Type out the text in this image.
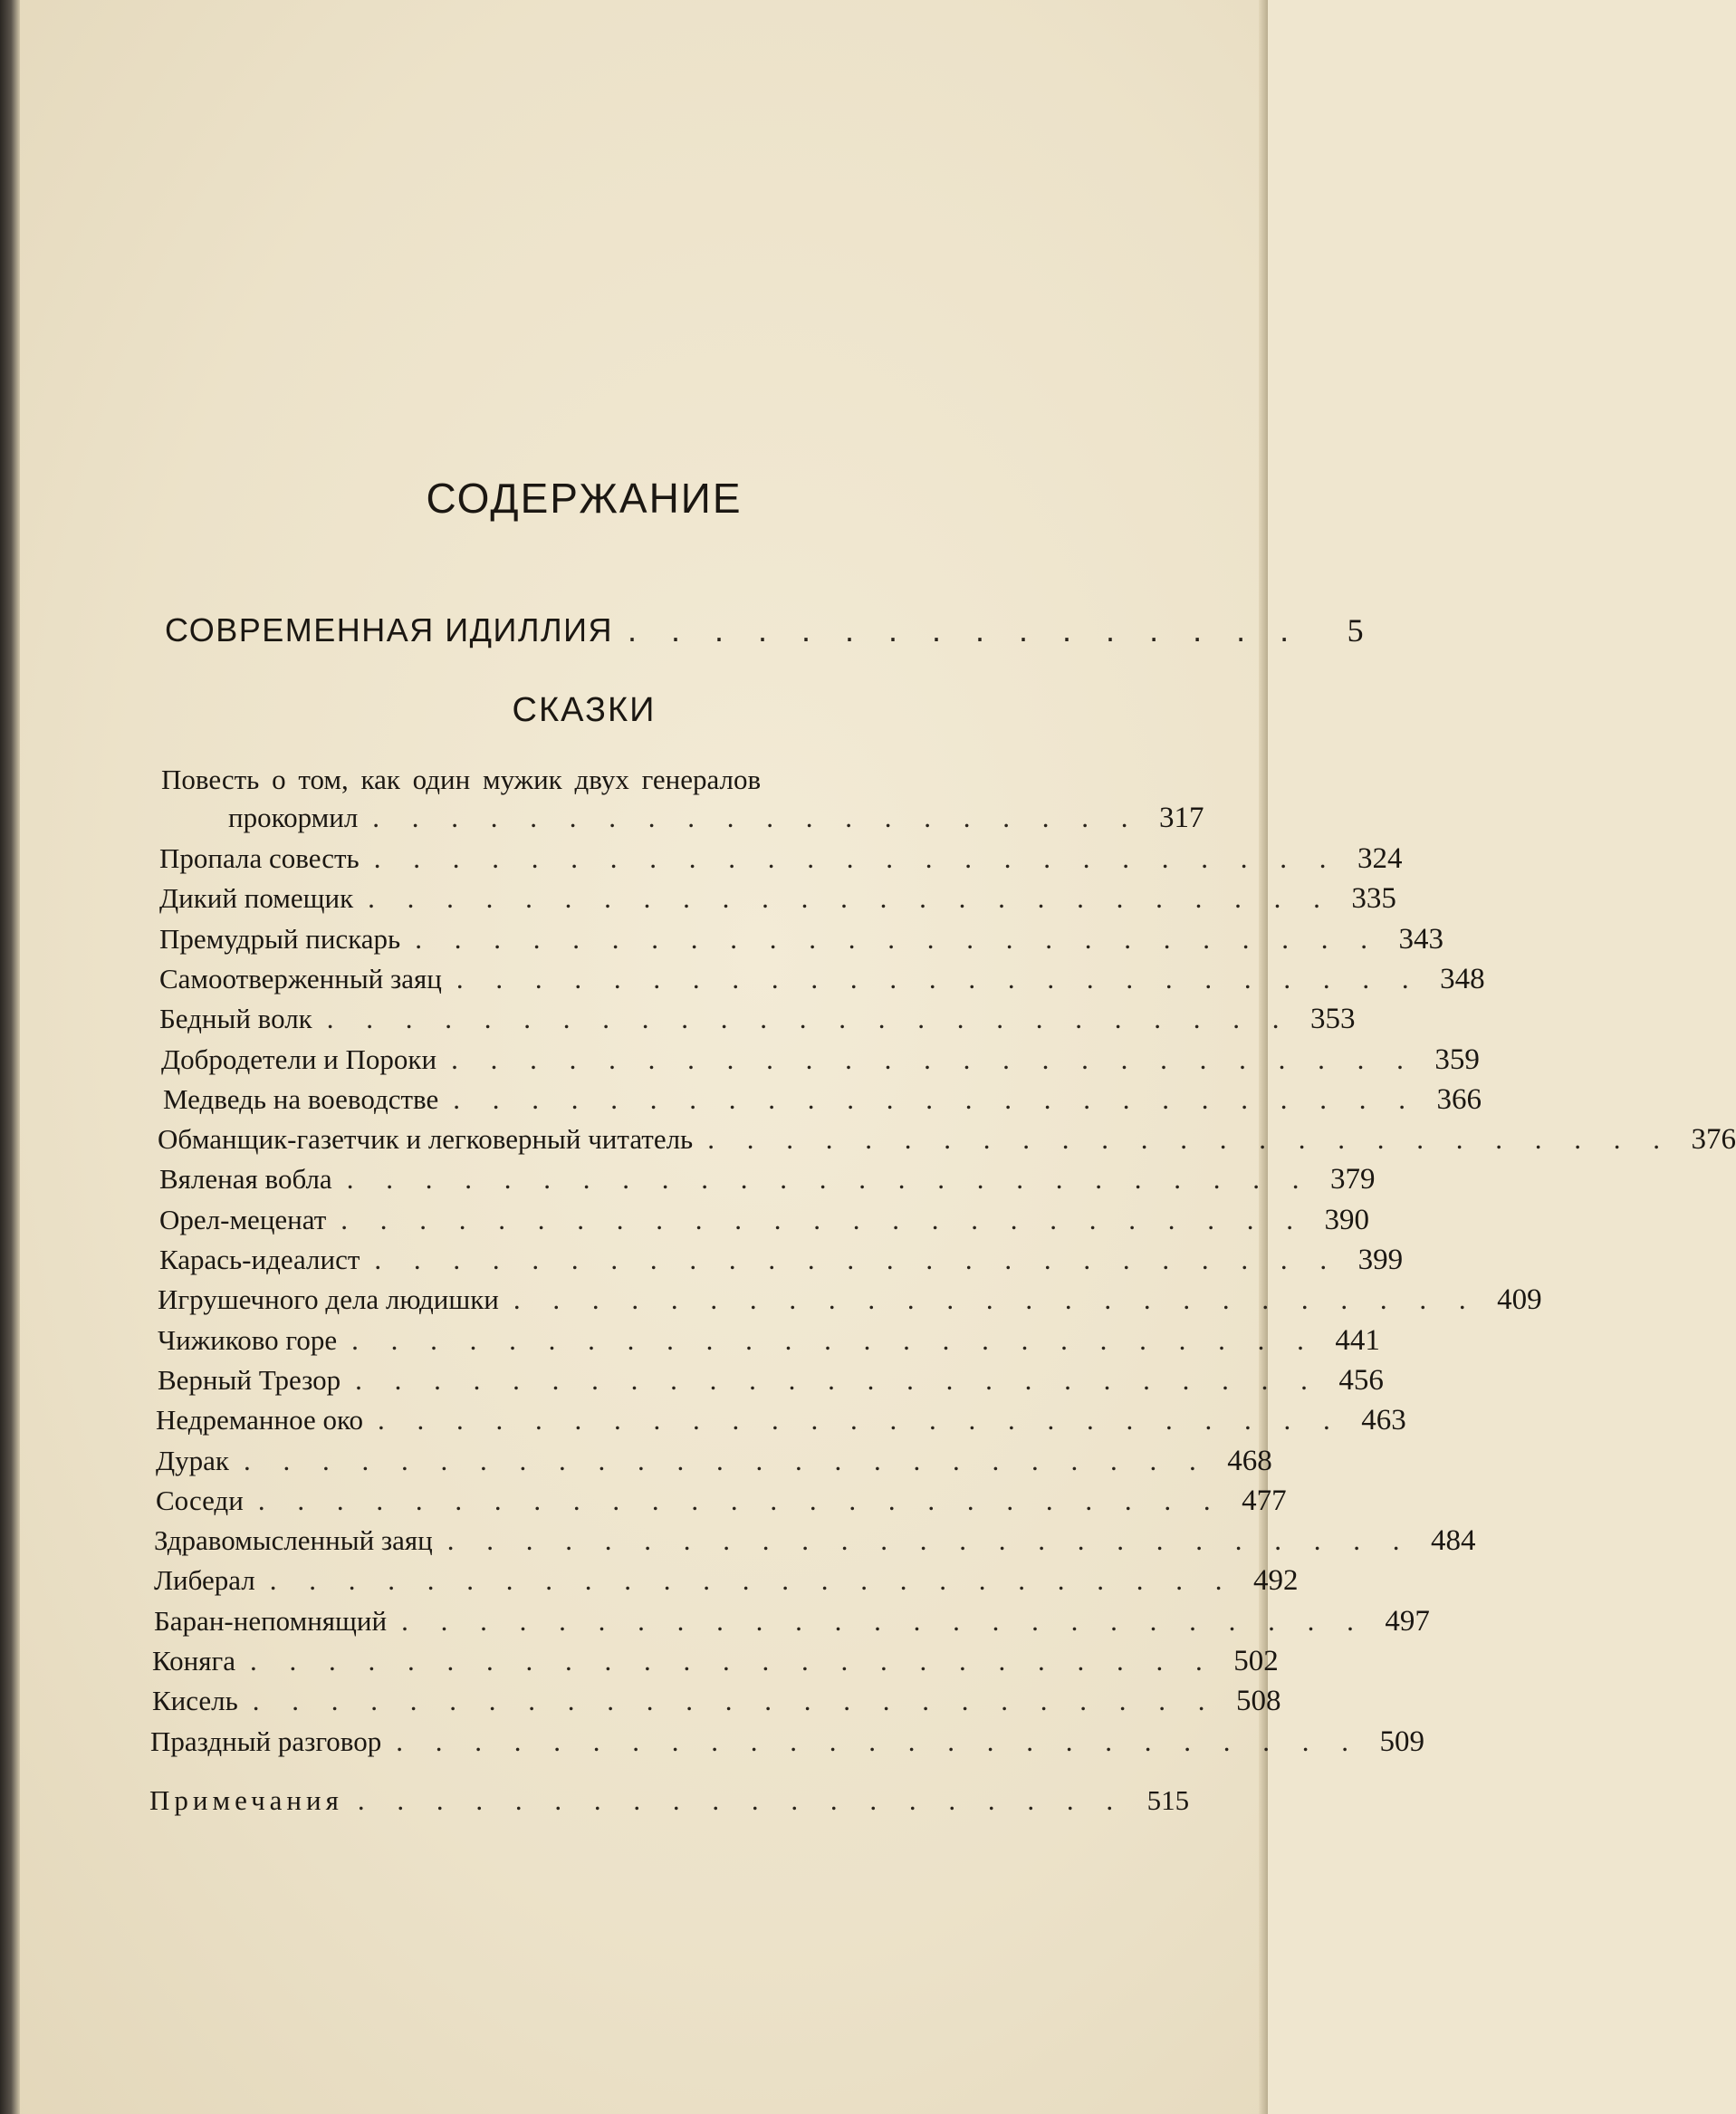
СОДЕРЖАНИЕ
СОВРЕМЕННАЯ ИДИЛЛИЯ . . . . . . . . . . . . . . . .	5
СКАЗКИ
Повесть о том, как один мужик двух генералов
прокормил . . . . . . . . . . . . . . . . . . . . 317
Пропала совесть . . . . . . . . . . . . . . . . . . . . . . . . . 324
Дикий помещик . . . . . . . . . . . . . . . . . . . . . . . . . 335
Премудрый пискарь . . . . . . . . . . . . . . . . . . . . . . . . . 343
Самоотверженный заяц . . . . . . . . . . . . . . . . . . . . . . . . . 348
Бедный волк . . . . . . . . . . . . . . . . . . . . . . . . . 353
Добродетели и Пороки . . . . . . . . . . . . . . . . . . . . . . . . . 359
Медведь на воеводстве . . . . . . . . . . . . . . . . . . . . . . . . . 366
Обманщик-газетчик и легковерный читатель . . . . . . . . . . . . . . . . . . . . . . . . . 376
Вяленая вобла . . . . . . . . . . . . . . . . . . . . . . . . . 379
Орел-меценат . . . . . . . . . . . . . . . . . . . . . . . . . 390
Карась-идеалист . . . . . . . . . . . . . . . . . . . . . . . . . 399
Игрушечного дела людишки . . . . . . . . . . . . . . . . . . . . . . . . . 409
Чижиково горе . . . . . . . . . . . . . . . . . . . . . . . . . 441
Верный Трезор . . . . . . . . . . . . . . . . . . . . . . . . . 456
Недреманное око . . . . . . . . . . . . . . . . . . . . . . . . . 463
Дурак . . . . . . . . . . . . . . . . . . . . . . . . . 468
Соседи . . . . . . . . . . . . . . . . . . . . . . . . . 477
Здравомысленный заяц . . . . . . . . . . . . . . . . . . . . . . . . . 484
Либерал . . . . . . . . . . . . . . . . . . . . . . . . . 492
Баран-непомнящий . . . . . . . . . . . . . . . . . . . . . . . . . 497
Коняга . . . . . . . . . . . . . . . . . . . . . . . . . 502
Кисель . . . . . . . . . . . . . . . . . . . . . . . . . 508
Праздный разговор . . . . . . . . . . . . . . . . . . . . . . . . . 509
Примечания . . . . . . . . . . . . . . . . . . . . 515
